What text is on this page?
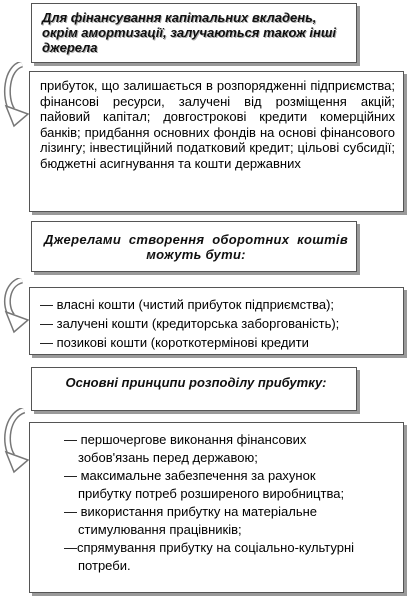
Для фінансування капітальних вкладень, окрім амортизації, залучаються також інші джерела
прибуток, що залишається в розпорядженні підприємства; фінансові ресурси, залучені від розміщення акцій; пайовий капітал; довгострокові кредити комерційних банків; придбання основних фондів на основі фінансового лізингу; інвестиційний податковий кредит; цільові субсидії; бюджетні асигнування та кошти державних
Джерелами створення оборотних коштів можуть бути:
— власні кошти (чистий прибуток підприємства);
— залучені кошти (кредиторська заборгованість);
— позикові кошти (короткотермінові кредити
Основні принципи розподілу прибутку:
— першочергове виконання фінансових
зобов'язань перед державою;
— максимальне забезпечення за рахунок
прибутку потреб розширеного виробництва;
— використання прибутку на матеріальне
стимулювання працівників;
—спрямування прибутку на соціально-культурні
потреби.
